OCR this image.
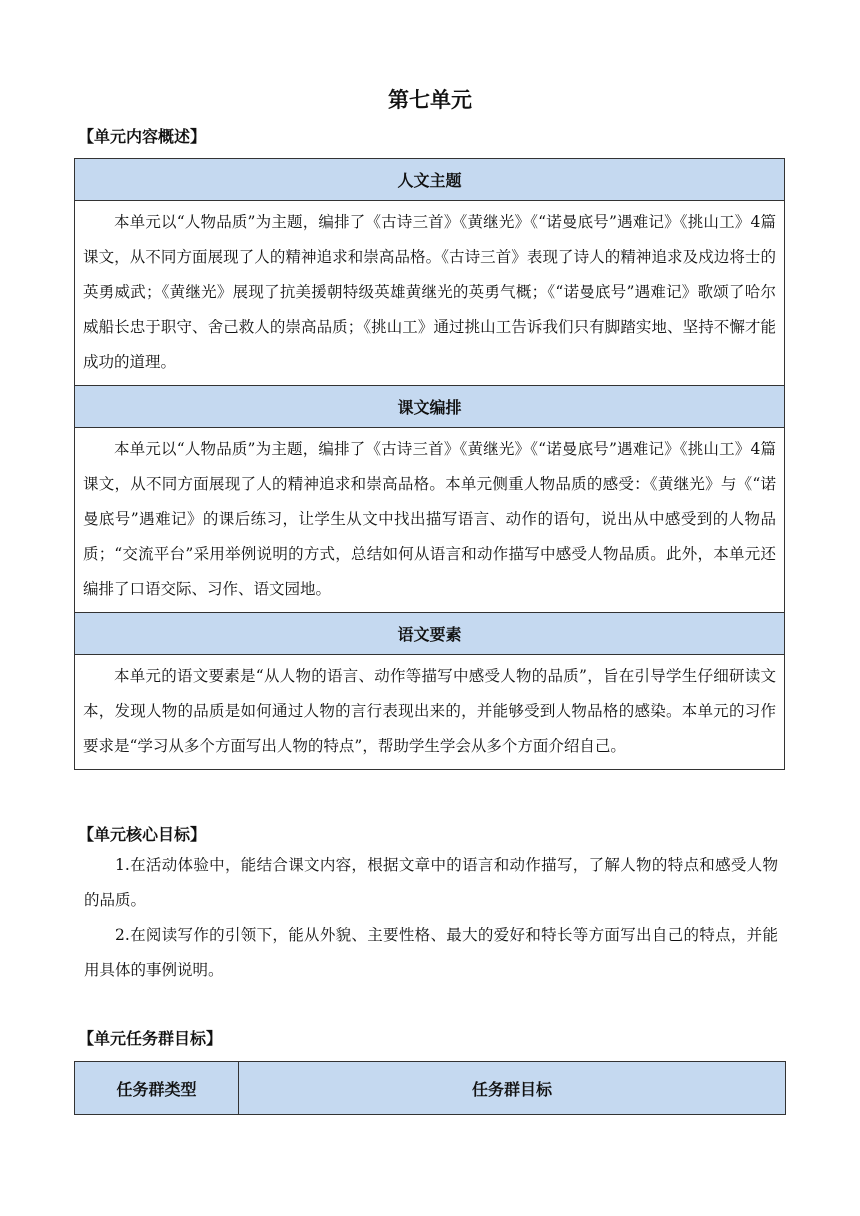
第七单元
【单元内容概述】
人文主题
本单元以“人物品质”为主题，编排了《古诗三首》《黄继光》《“诺曼底号”遇难记》《挑山工》4篇课文，从不同方面展现了人的精神追求和崇高品格。《古诗三首》表现了诗人的精神追求及戍边将士的英勇威武；《黄继光》展现了抗美援朝特级英雄黄继光的英勇气概；《“诺曼底号”遇难记》歌颂了哈尔威船长忠于职守、舍己救人的崇高品质；《挑山工》通过挑山工告诉我们只有脚踏实地、坚持不懈才能成功的道理。
课文编排
本单元以“人物品质”为主题，编排了《古诗三首》《黄继光》《“诺曼底号”遇难记》《挑山工》4篇课文，从不同方面展现了人的精神追求和崇高品格。本单元侧重人物品质的感受：《黄继光》与《“诺曼底号”遇难记》的课后练习，让学生从文中找出描写语言、动作的语句，说出从中感受到的人物品质；“交流平台”采用举例说明的方式，总结如何从语言和动作描写中感受人物品质。此外，本单元还编排了口语交际、习作、语文园地。
语文要素
本单元的语文要素是“从人物的语言、动作等描写中感受人物的品质”，旨在引导学生仔细研读文本，发现人物的品质是如何通过人物的言行表现出来的，并能够受到人物品格的感染。本单元的习作要求是“学习从多个方面写出人物的特点”，帮助学生学会从多个方面介绍自己。
【单元核心目标】
1.在活动体验中，能结合课文内容，根据文章中的语言和动作描写，了解人物的特点和感受人物的品质。
2.在阅读写作的引领下，能从外貌、主要性格、最大的爱好和特长等方面写出自己的特点，并能用具体的事例说明。
【单元任务群目标】
任务群类型	任务群目标
